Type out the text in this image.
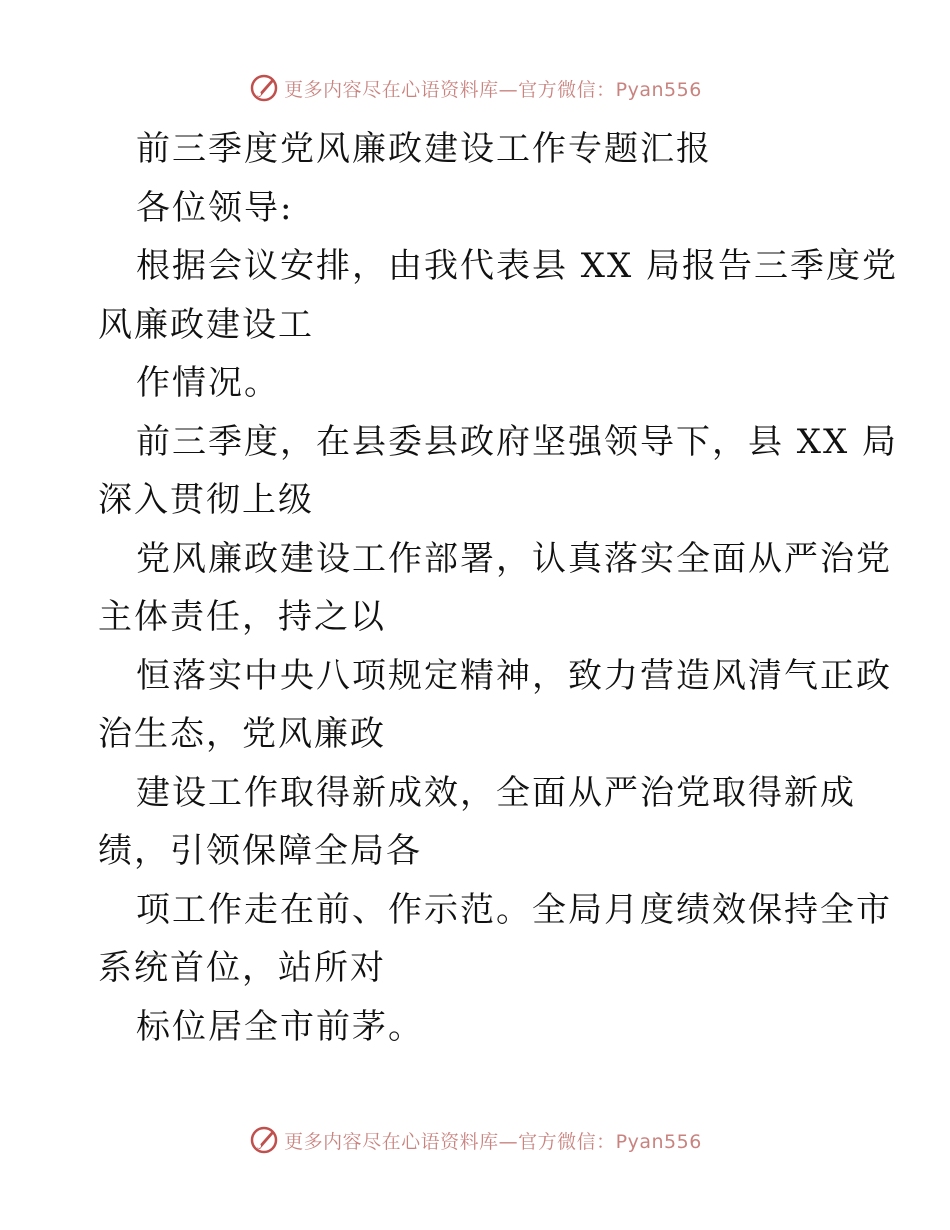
更多内容尽在心语资料库—官方微信：Pyan556
前三季度党风廉政建设工作专题汇报
各位领导:
根据会议安排，由我代表县 XX 局报告三季度党
风廉政建设工
作情况。
前三季度，在县委县政府坚强领导下，县 XX 局
深入贯彻上级
党风廉政建设工作部署，认真落实全面从严治党
主体责任，持之以
恒落实中央八项规定精神，致力营造风清气正政
治生态，党风廉政
建设工作取得新成效，全面从严治党取得新成
绩，引领保障全局各
项工作走在前、作示范。全局月度绩效保持全市
系统首位，站所对
标位居全市前茅。
更多内容尽在心语资料库—官方微信：Pyan556
